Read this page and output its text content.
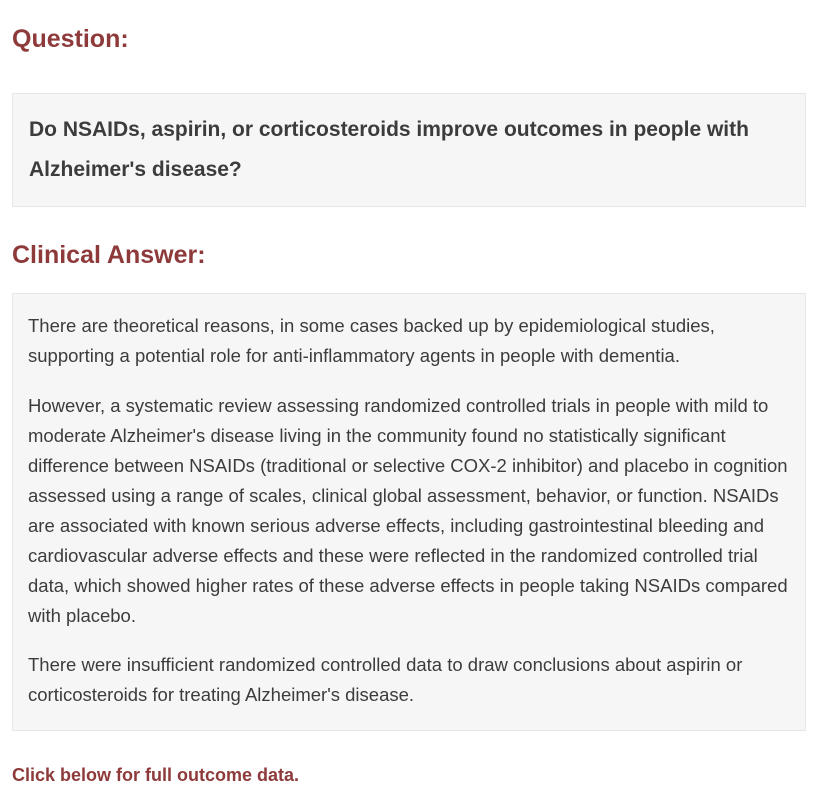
Question:

Do NSAIDs, aspirin, or corticosteroids improve outcomes in people with Alzheimer's disease?

Clinical Answer:

There are theoretical reasons, in some cases backed up by epidemiological studies, supporting a potential role for anti-inflammatory agents in people with dementia.

However, a systematic review assessing randomized controlled trials in people with mild to moderate Alzheimer's disease living in the community found no statistically significant difference between NSAIDs (traditional or selective COX-2 inhibitor) and placebo in cognition assessed using a range of scales, clinical global assessment, behavior, or function. NSAIDs are associated with known serious adverse effects, including gastrointestinal bleeding and cardiovascular adverse effects and these were reflected in the randomized controlled trial data, which showed higher rates of these adverse effects in people taking NSAIDs compared with placebo.

There were insufficient randomized controlled data to draw conclusions about aspirin or corticosteroids for treating Alzheimer's disease.

Click below for full outcome data.
